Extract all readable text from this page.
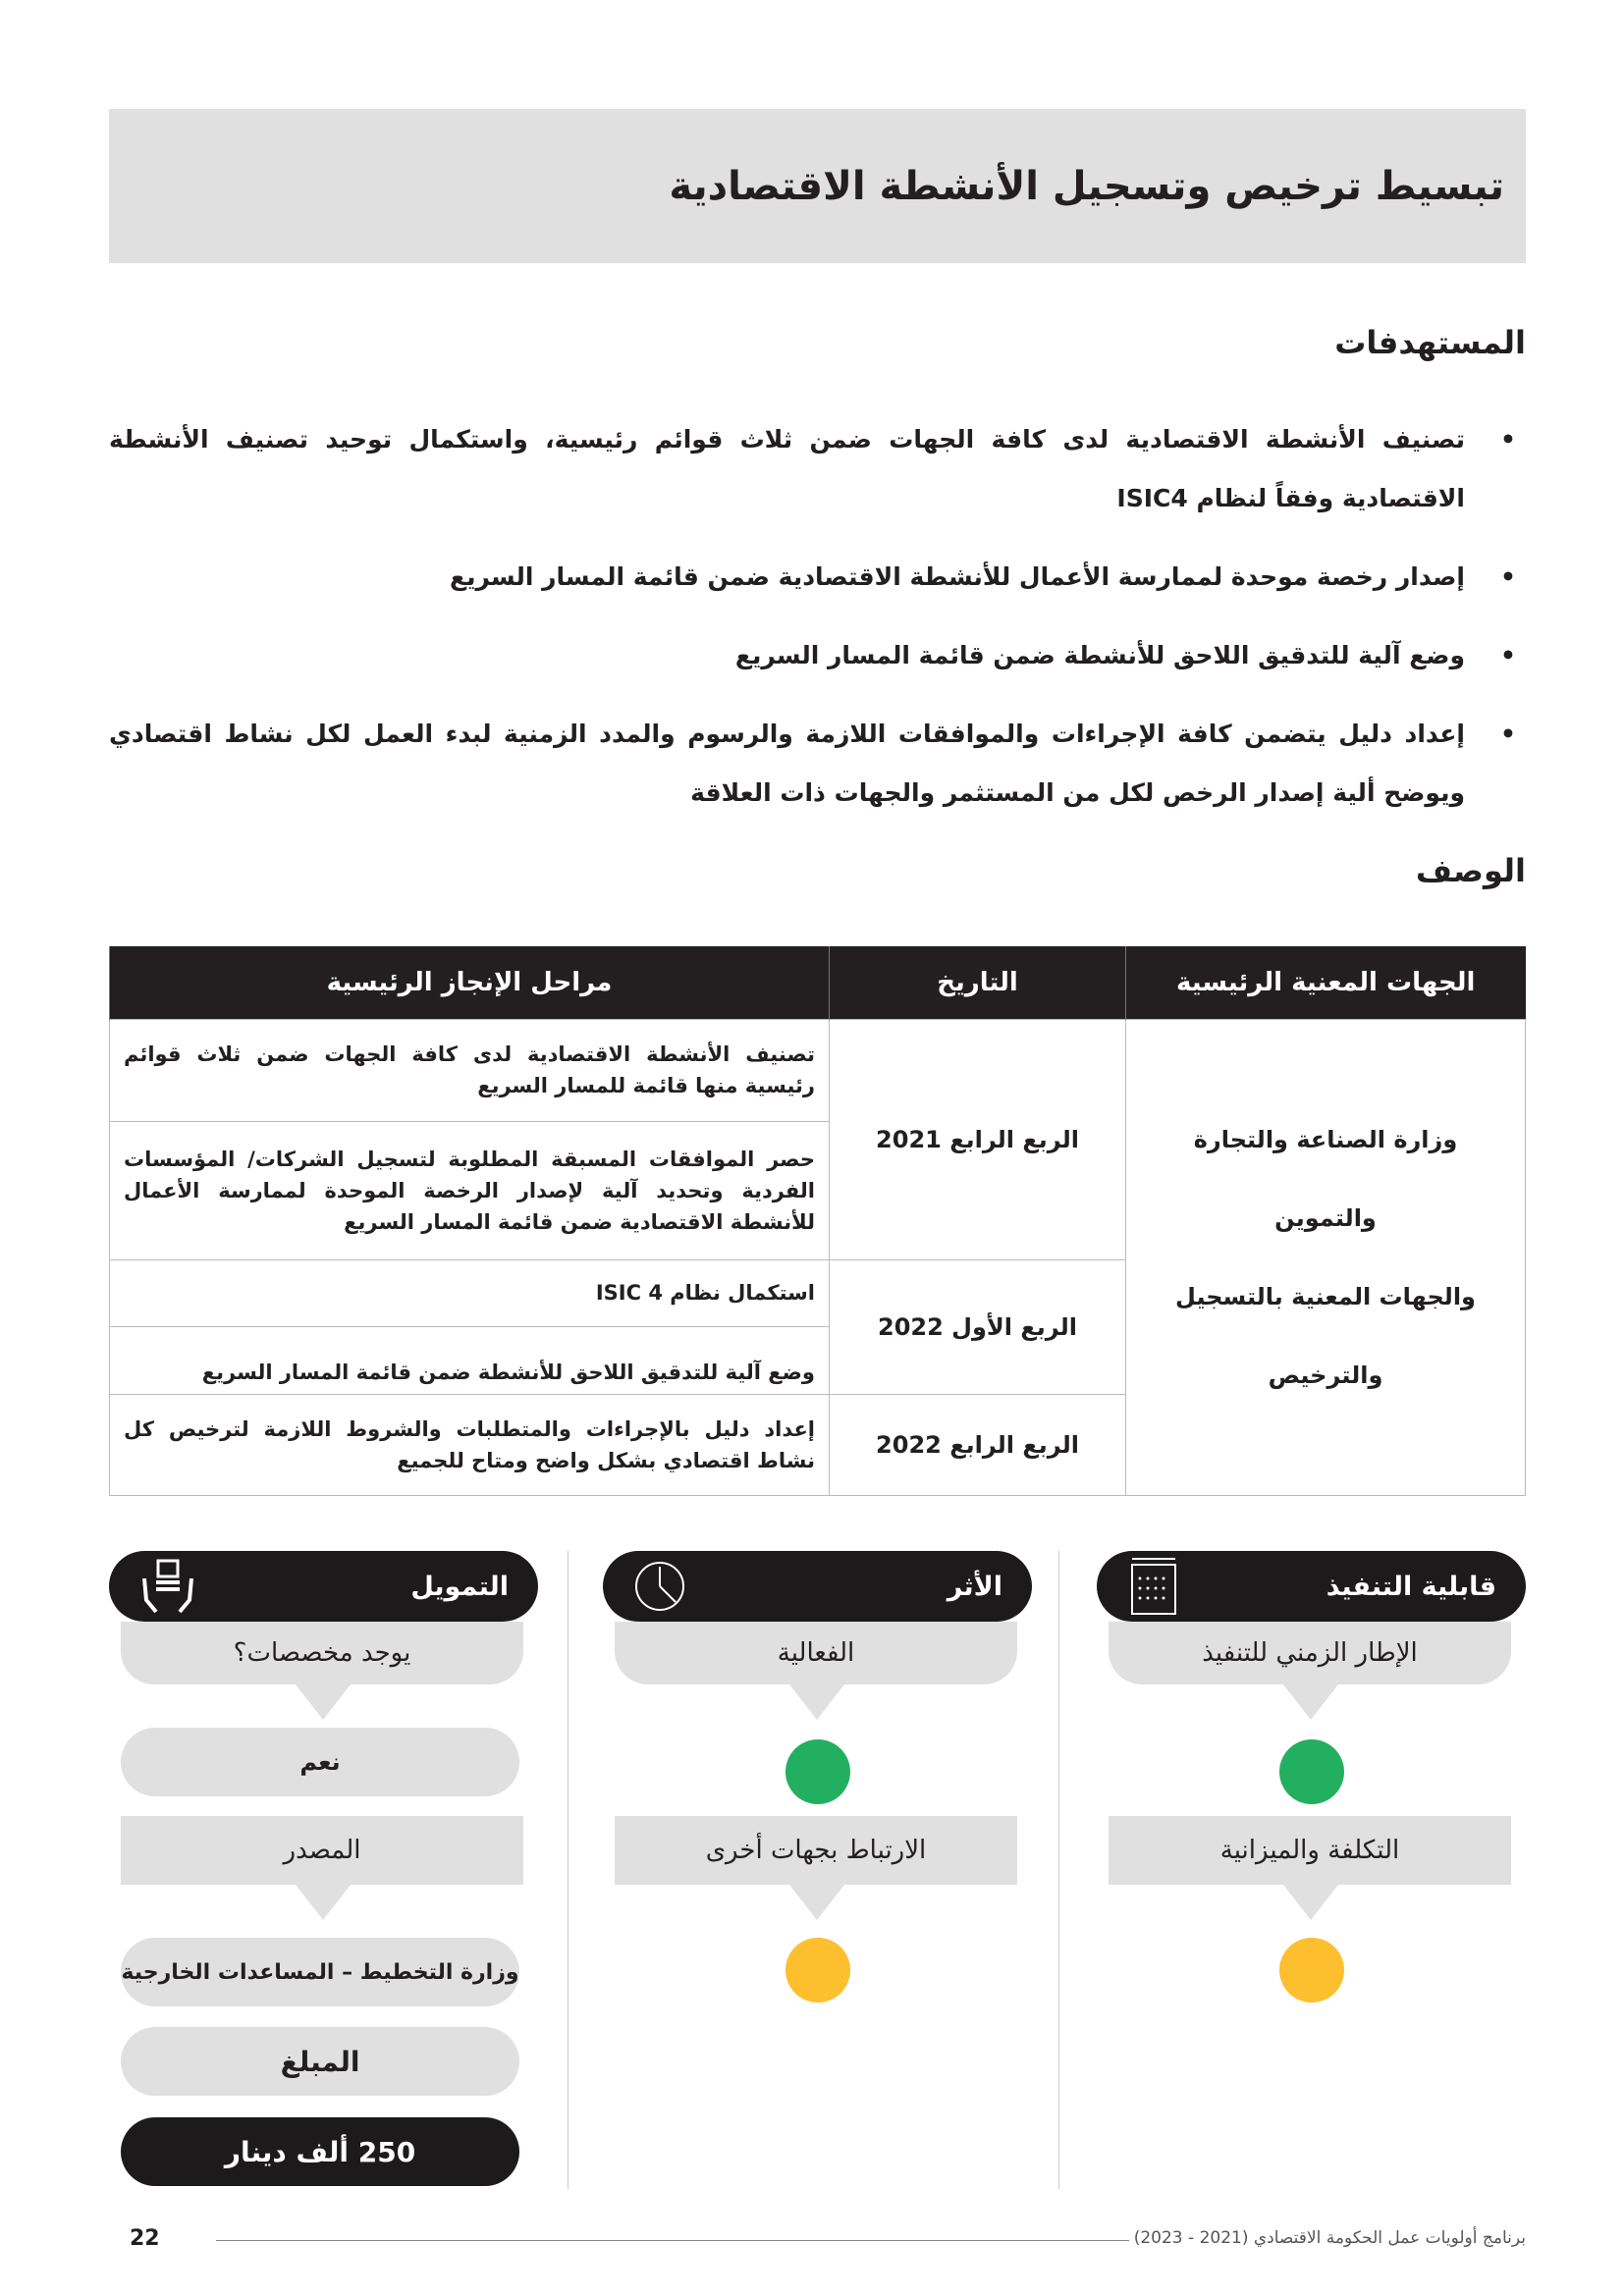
تبسيط ترخيص وتسجيل الأنشطة الاقتصادية
المستهدفات
• تصنيف الأنشطة الاقتصادية لدى كافة الجهات ضمن ثلاث قوائم رئيسية، واستكمال توحيد تصنيف الأنشطة الاقتصادية وفقاً لنظام ISIC4
• إصدار رخصة موحدة لممارسة الأعمال للأنشطة الاقتصادية ضمن قائمة المسار السريع
• وضع آلية للتدقيق اللاحق للأنشطة ضمن قائمة المسار السريع
• إعداد دليل يتضمن كافة الإجراءات والموافقات اللازمة والرسوم والمدد الزمنية لبدء العمل لكل نشاط اقتصادي ويوضح ألية إصدار الرخص لكل من المستثمر والجهات ذات العلاقة
الوصف
الجهات المعنية الرئيسية	التاريخ	مراحل الإنجاز الرئيسية

وزارة الصناعة والتجارة والتموين
والجهات المعنية بالتسجيل والترخيص	الربع الرابع 2021	تصنيف الأنشطة الاقتصادية لدى كافة الجهات ضمن ثلاث قوائم رئيسية منها قائمة للمسار السريع
		حصر الموافقات المسبقة المطلوبة لتسجيل الشركات/ المؤسسات الفردية وتحديد آلية لإصدار الرخصة الموحدة لممارسة الأعمال للأنشطة الاقتصادية ضمن قائمة المسار السريع
	الربع الأول 2022	استكمال نظام ISIC 4
		وضع آلية للتدقيق اللاحق للأنشطة ضمن قائمة المسار السريع
	الربع الرابع 2022	إعداد دليل بالإجراءات والمتطلبات والشروط اللازمة لترخيص كل نشاط اقتصادي بشكل واضح ومتاح للجميع
قابلية التنفيذ
الإطار الزمني للتنفيذ
التكلفة والميزانية
الأثر
الفعالية
الارتباط بجهات أخرى
التمويل
يوجد مخصصات؟
نعم
المصدر
وزارة التخطيط – المساعدات الخارجية
المبلغ
250 ألف دينار
22	برنامج أولويات عمل الحكومة الاقتصادي (2021 - 2023)
